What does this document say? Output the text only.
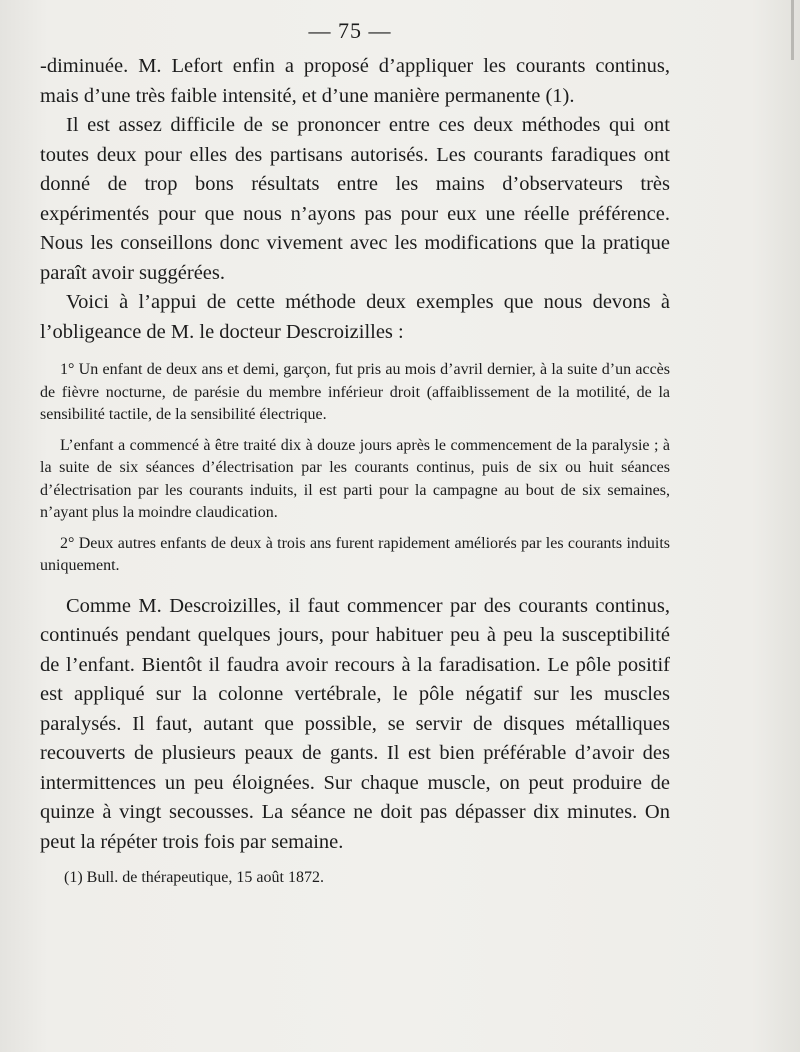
— 75 —

-diminuée. M. Lefort enfin a proposé d’appliquer les courants continus, mais d’une très faible intensité, et d’une manière permanente (1).

Il est assez difficile de se prononcer entre ces deux méthodes qui ont toutes deux pour elles des partisans autorisés. Les courants faradiques ont donné de trop bons résultats entre les mains d’observateurs très expérimentés pour que nous n’ayons pas pour eux une réelle préférence. Nous les conseillons donc vivement avec les modifications que la pratique paraît avoir suggérées.

Voici à l’appui de cette méthode deux exemples que nous devons à l’obligeance de M. le docteur Descroizilles :

1° Un enfant de deux ans et demi, garçon, fut pris au mois d’avril dernier, à la suite d’un accès de fièvre nocturne, de parésie du membre inférieur droit (affaiblissement de la motilité, de la sensibilité tactile, de la sensibilité électrique.

L’enfant a commencé à être traité dix à douze jours après le commencement de la paralysie ; à la suite de six séances d’électrisation par les courants continus, puis de six ou huit séances d’électrisation par les courants induits, il est parti pour la campagne au bout de six semaines, n’ayant plus la moindre claudication.

2° Deux autres enfants de deux à trois ans furent rapidement améliorés par les courants induits uniquement.

Comme M. Descroizilles, il faut commencer par des courants continus, continués pendant quelques jours, pour habituer peu à peu la susceptibilité de l’enfant. Bientôt il faudra avoir recours à la faradisation. Le pôle positif est appliqué sur la colonne vertébrale, le pôle négatif sur les muscles paralysés. Il faut, autant que possible, se servir de disques métalliques recouverts de plusieurs peaux de gants. Il est bien préférable d’avoir des intermittences un peu éloignées. Sur chaque muscle, on peut produire de quinze à vingt secousses. La séance ne doit pas dépasser dix minutes. On peut la répéter trois fois par semaine.

(1) Bull. de thérapeutique, 15 août 1872.
